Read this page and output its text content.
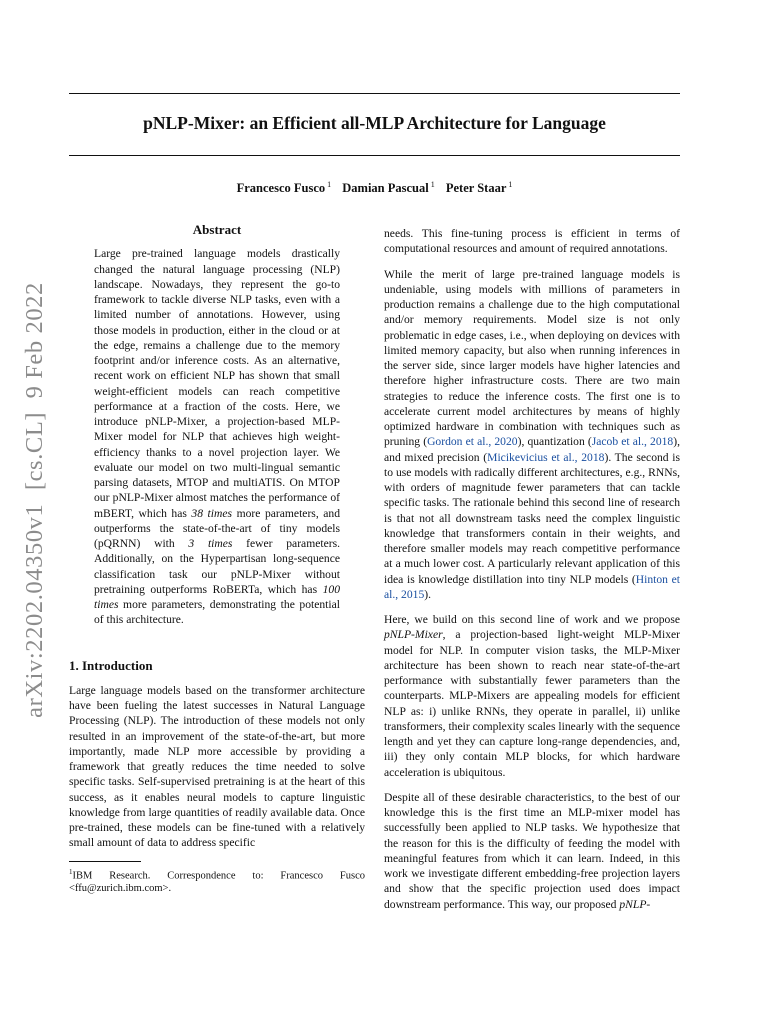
pNLP-Mixer: an Efficient all-MLP Architecture for Language
Francesco Fusco $^1$ Damian Pascual $^1$ Peter Staar $^1$
arXiv:2202.04350v1  [cs.CL]  9 Feb 2022
Abstract

Large pre-trained language models drastically changed the natural language processing (NLP) landscape. Nowadays, they represent the go-to framework to tackle diverse NLP tasks, even with a limited number of annotations. However, using those models in production, either in the cloud or at the edge, remains a challenge due to the memory footprint and/or inference costs. As an alternative, recent work on efficient NLP has shown that small weight-efficient models can reach competitive performance at a fraction of the costs. Here, we introduce pNLP-Mixer, a projection-based MLP-Mixer model for NLP that achieves high weight-efficiency thanks to a novel projection layer. We evaluate our model on two multi-lingual semantic parsing datasets, MTOP and multiATIS. On MTOP our pNLP-Mixer almost matches the performance of mBERT, which has 38 times more parameters, and outperforms the state-of-the-art of tiny models (pQRNN) with 3 times fewer parameters. Additionally, on the Hyperpartisan long-sequence classification task our pNLP-Mixer without pretraining outperforms RoBERTa, which has 100 times more parameters, demonstrating the potential of this architecture.

1. Introduction

Large language models based on the transformer architecture have been fueling the latest successes in Natural Language Processing (NLP). The introduction of these models not only resulted in an improvement of the state-of-the-art, but more importantly, made NLP more accessible by providing a framework that greatly reduces the time needed to solve specific tasks. Self-supervised pretraining is at the heart of this success, as it enables neural models to capture linguistic knowledge from large quantities of readily available data. Once pre-trained, these models can be fine-tuned with a relatively small amount of data to address specific

$^1$IBM Research. Correspondence to: Francesco Fusco <ffu@zurich.ibm.com>.

needs. This fine-tuning process is efficient in terms of computational resources and amount of required annotations.

While the merit of large pre-trained language models is undeniable, using models with millions of parameters in production remains a challenge due to the high computational and/or memory requirements. Model size is not only problematic in edge cases, i.e., when deploying on devices with limited memory capacity, but also when running inferences in the server side, since larger models have higher latencies and therefore higher infrastructure costs. There are two main strategies to reduce the inference costs. The first one is to accelerate current model architectures by means of highly optimized hardware in combination with techniques such as pruning (Gordon et al., 2020), quantization (Jacob et al., 2018), and mixed precision (Micikevicius et al., 2018). The second is to use models with radically different architectures, e.g., RNNs, with orders of magnitude fewer parameters that can tackle specific tasks. The rationale behind this second line of research is that not all downstream tasks need the complex linguistic knowledge that transformers contain in their weights, and therefore smaller models may reach competitive performance at a much lower cost. A particularly relevant application of this idea is knowledge distillation into tiny NLP models (Hinton et al., 2015).

Here, we build on this second line of work and we propose pNLP-Mixer, a projection-based light-weight MLP-Mixer model for NLP. In computer vision tasks, the MLP-Mixer architecture has been shown to reach near state-of-the-art performance with substantially fewer parameters than the counterparts. MLP-Mixers are appealing models for efficient NLP as: i) unlike RNNs, they operate in parallel, ii) unlike transformers, their complexity scales linearly with the sequence length and yet they can capture long-range dependencies, and, iii) they only contain MLP blocks, for which hardware acceleration is ubiquitous.

Despite all of these desirable characteristics, to the best of our knowledge this is the first time an MLP-mixer model has successfully been applied to NLP tasks. We hypothesize that the reason for this is the difficulty of feeding the model with meaningful features from which it can learn. Indeed, in this work we investigate different embedding-free projection layers and show that the specific projection used does impact downstream performance. This way, our proposed pNLP-
